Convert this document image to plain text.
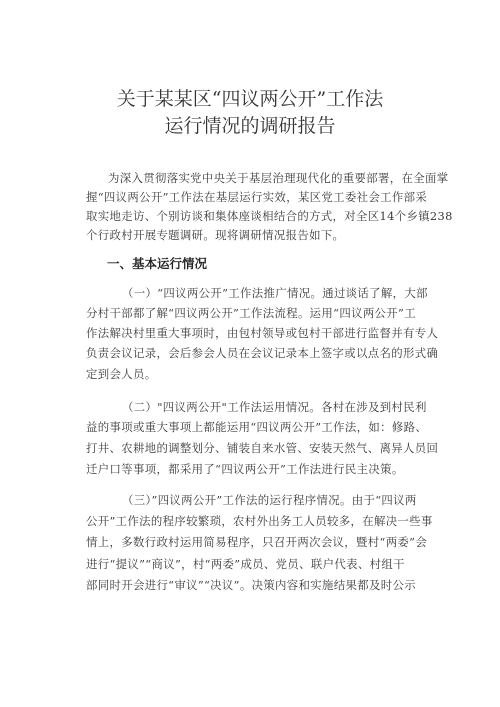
关于某某区“四议两公开”工作法
运行情况的调研报告
为深入贯彻落实党中央关于基层治理现代化的重要部署，在全面掌
握“四议两公开”工作法在基层运行实效，某区党工委社会工作部采
取实地走访、个别访谈和集体座谈相结合的方式，对全区14个乡镇238
个行政村开展专题调研。现将调研情况报告如下。
一、基本运行情况
（一）“四议两公开”工作法推广情况。通过谈话了解，大部
分村干部都了解“四议两公开”工作法流程。运用“四议两公开”工
作法解决村里重大事项时，由包村领导或包村干部进行监督并有专人
负责会议记录，会后参会人员在会议记录本上签字或以点名的形式确
定到会人员。
（二）"四议两公开"工作法运用情况。各村在涉及到村民利
益的事项或重大事项上都能运用“四议两公开”工作法，如：修路、
打井、农耕地的调整划分、铺装自来水管、安装天然气、离异人员回
迁户口等事项，都采用了“四议两公开”工作法进行民主决策。
（三）”四议两公开”工作法的运行程序情况。由于“四议两
公开”工作法的程序较繁琐，农村外出务工人员较多，在解决一些事
情上，多数行政村运用简易程序，只召开两次会议，暨村“两委”会
进行“提议”“商议”，村“两委”成员、党员、联户代表、村组干
部同时开会进行“审议”“决议”。决策内容和实施结果都及时公示
